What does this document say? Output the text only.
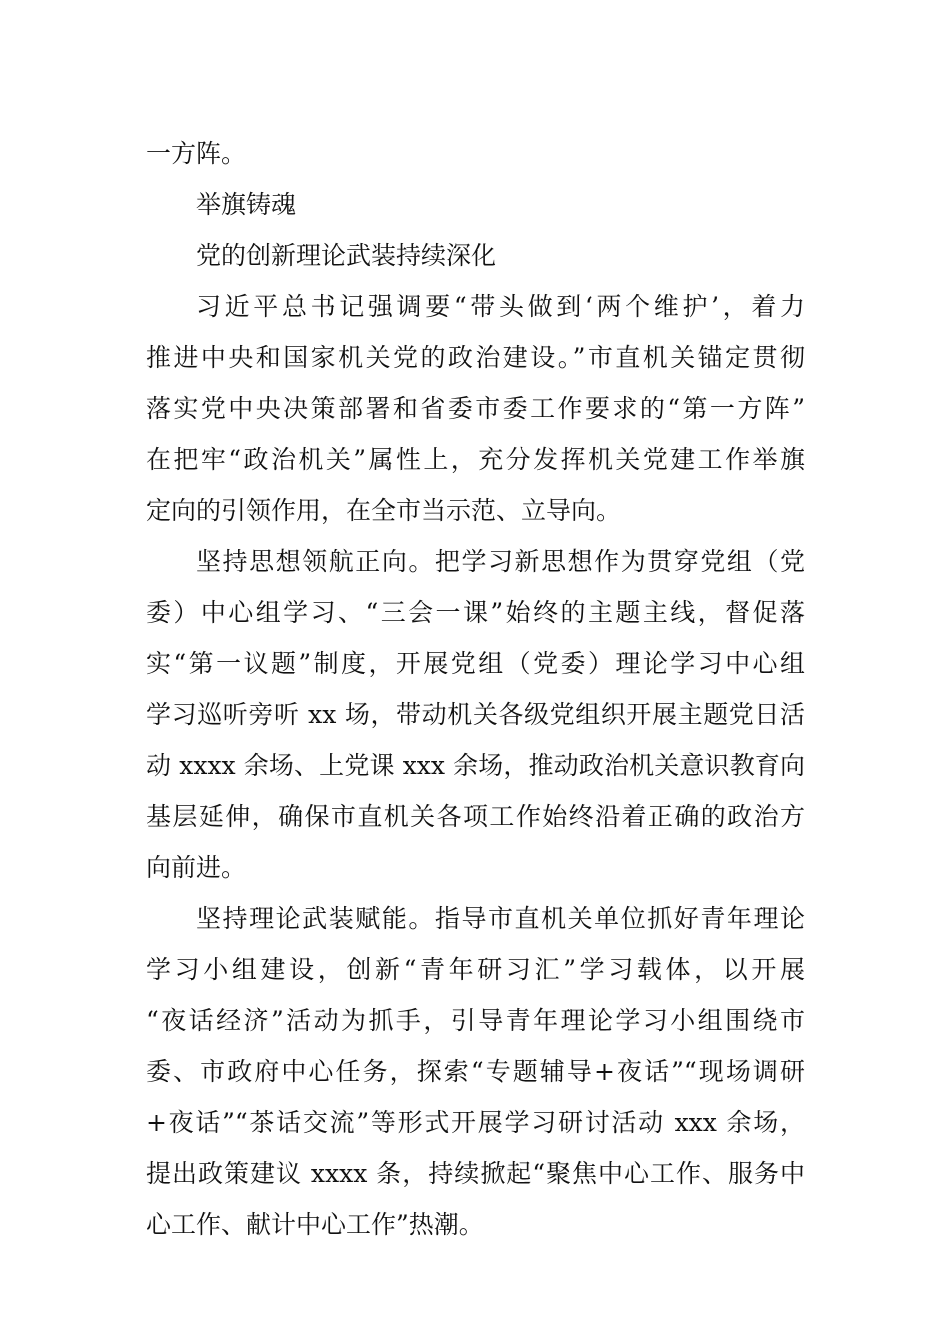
一方阵。
举旗铸魂
党的创新理论武装持续深化
习近平总书记强调要“带头做到‘两个维护’，着力
推进中央和国家机关党的政治建设。”市直机关锚定贯彻
落实党中央决策部署和省委市委工作要求的“第一方阵”
在把牢“政治机关”属性上，充分发挥机关党建工作举旗
定向的引领作用，在全市当示范、立导向。
坚持思想领航正向。把学习新思想作为贯穿党组（党
委）中心组学习、“三会一课”始终的主题主线，督促落
实“第一议题”制度，开展党组（党委）理论学习中心组
学习巡听旁听 xx 场，带动机关各级党组织开展主题党日活
动 xxxx 余场、上党课 xxx 余场，推动政治机关意识教育向
基层延伸，确保市直机关各项工作始终沿着正确的政治方
向前进。
坚持理论武装赋能。指导市直机关单位抓好青年理论
学习小组建设，创新“青年研习汇”学习载体，以开展
“夜话经济”活动为抓手，引导青年理论学习小组围绕市
委、市政府中心任务，探索“专题辅导+夜话”“现场调研
+夜话”“茶话交流”等形式开展学习研讨活动 xxx 余场，
提出政策建议 xxxx 条，持续掀起“聚焦中心工作、服务中
心工作、献计中心工作”热潮。
